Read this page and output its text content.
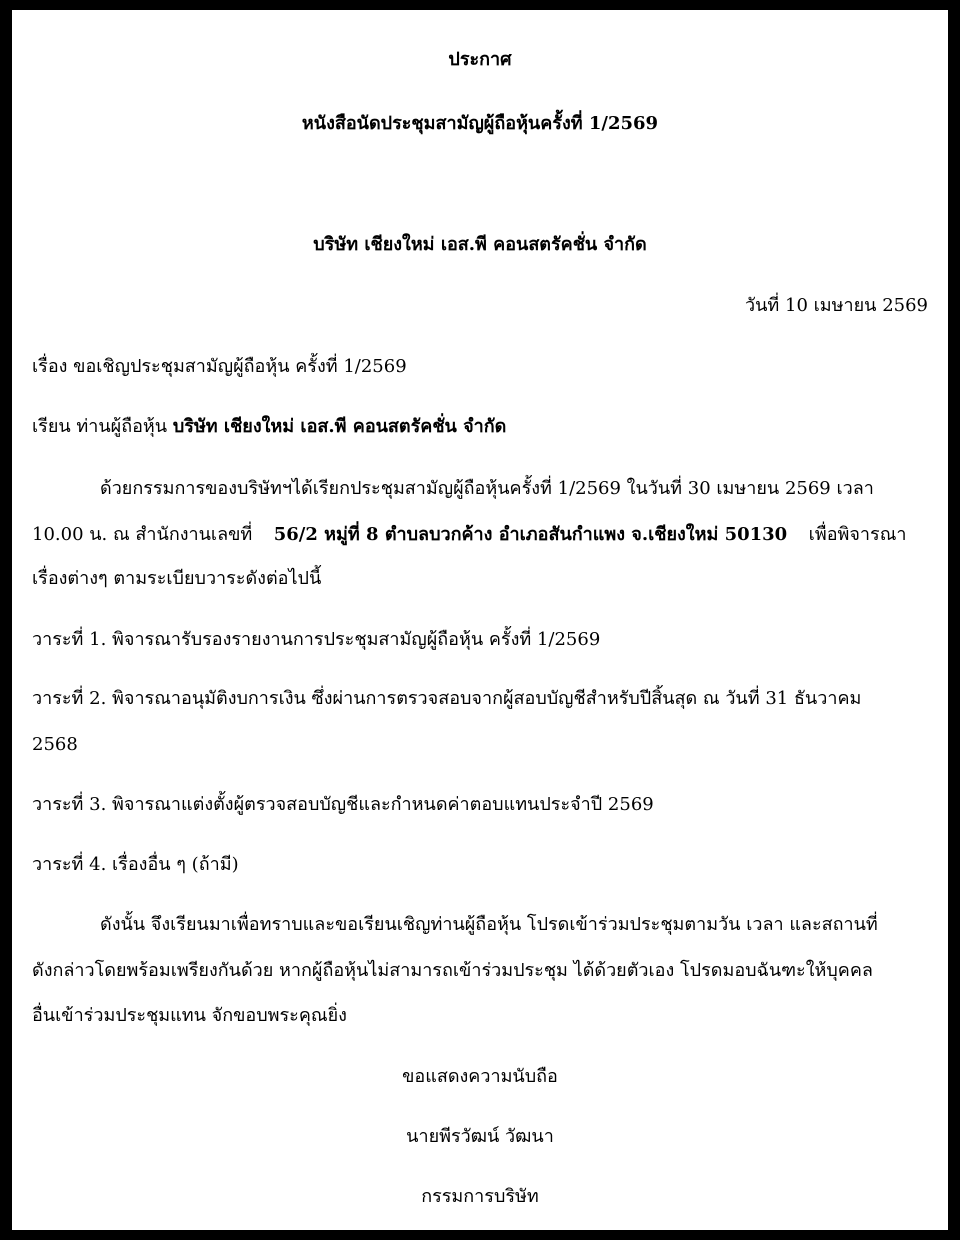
ประกาศ
หนังสือนัดประชุมสามัญผู้ถือหุ้นครั้งที่ 1/2569
บริษัท เชียงใหม่ เอส.พี คอนสตรัคชั่น จำกัด
วันที่ 10 เมษายน 2569
เรื่อง ขอเชิญประชุมสามัญผู้ถือหุ้น ครั้งที่ 1/2569
เรียน ท่านผู้ถือหุ้น บริษัท เชียงใหม่ เอส.พี คอนสตรัคชั่น จำกัด
ด้วยกรรมการของบริษัทฯได้เรียกประชุมสามัญผู้ถือหุ้นครั้งที่ 1/2569 ในวันที่ 30 เมษายน 2569 เวลา
10.00 น. ณ สำนักงานเลขที่ 56/2 หมู่ที่ 8 ตำบลบวกค้าง อำเภอสันกำแพง จ.เชียงใหม่ 50130 เพื่อพิจารณา
เรื่องต่างๆ ตามระเบียบวาระดังต่อไปนี้
วาระที่ 1. พิจารณารับรองรายงานการประชุมสามัญผู้ถือหุ้น ครั้งที่ 1/2569
วาระที่ 2. พิจารณาอนุมัติงบการเงิน ซึ่งผ่านการตรวจสอบจากผู้สอบบัญชีสำหรับปีสิ้นสุด ณ วันที่ 31 ธันวาคม
2568
วาระที่ 3. พิจารณาแต่งตั้งผู้ตรวจสอบบัญชีและกำหนดค่าตอบแทนประจำปี 2569
วาระที่ 4. เรื่องอื่น ๆ (ถ้ามี)
ดังนั้น จึงเรียนมาเพื่อทราบและขอเรียนเชิญท่านผู้ถือหุ้น โปรดเข้าร่วมประชุมตามวัน เวลา และสถานที่
ดังกล่าวโดยพร้อมเพรียงกันด้วย หากผู้ถือหุ้นไม่สามารถเข้าร่วมประชุม ได้ด้วยตัวเอง โปรดมอบฉันฑะให้บุคคล
อื่นเข้าร่วมประชุมแทน จักขอบพระคุณยิ่ง
ขอแสดงความนับถือ
นายพีรวัฒน์ วัฒนา
กรรมการบริษัท
